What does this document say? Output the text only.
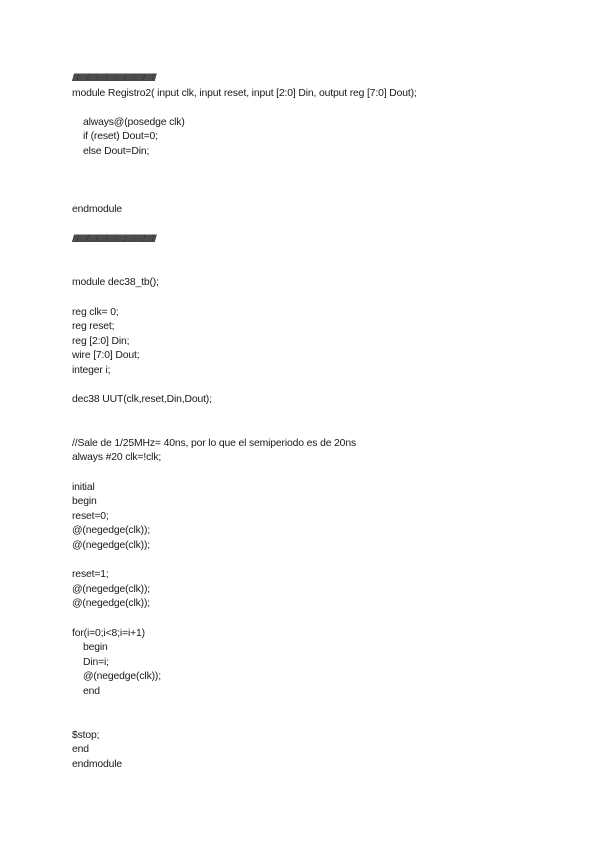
////////////////////////////////////////////////////////////////////////////////////
module Registro2( input clk, input reset, input [2:0] Din, output reg [7:0] Dout);
always@(posedge clk)
if (reset) Dout=0;
else Dout=Din;
endmodule
////////////////////////////////////////////////////////////////////////////////////
module dec38_tb();
reg clk= 0;
reg reset;
reg [2:0] Din;
wire [7:0] Dout;
integer i;
dec38 UUT(clk,reset,Din,Dout);
//Sale de 1/25MHz= 40ns, por lo que el semiperiodo es de 20ns
always #20 clk=!clk;
initial
begin
reset=0;
@(negedge(clk));
@(negedge(clk));
reset=1;
@(negedge(clk));
@(negedge(clk));
for(i=0;i<8;i=i+1)
begin
Din=i;
@(negedge(clk));
end
$stop;
end
endmodule
